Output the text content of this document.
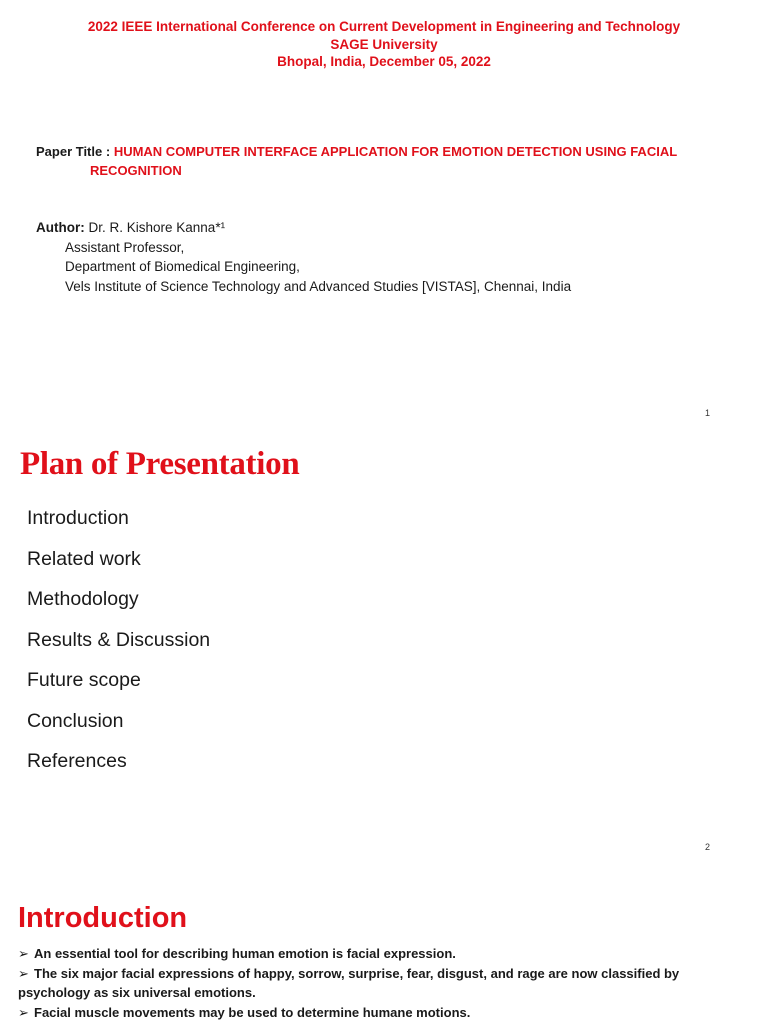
2022 IEEE International Conference on Current Development in Engineering and Technology
SAGE University
Bhopal, India, December 05, 2022
Paper Title : HUMAN COMPUTER INTERFACE APPLICATION FOR EMOTION DETECTION USING FACIAL
RECOGNITION
Author: Dr. R. Kishore Kanna*¹
Assistant Professor,
Department of Biomedical Engineering,
Vels Institute of Science Technology and Advanced Studies [VISTAS], Chennai, India
1
Plan of Presentation
Introduction
Related work
Methodology
Results & Discussion
Future scope
Conclusion
References
2
Introduction
➢ An essential tool for describing human emotion is facial expression.
➢ The six major facial expressions of happy, sorrow, surprise, fear, disgust, and rage are now classified by psychology as six universal emotions.
➢ Facial muscle movements may be used to determine humane motions.
